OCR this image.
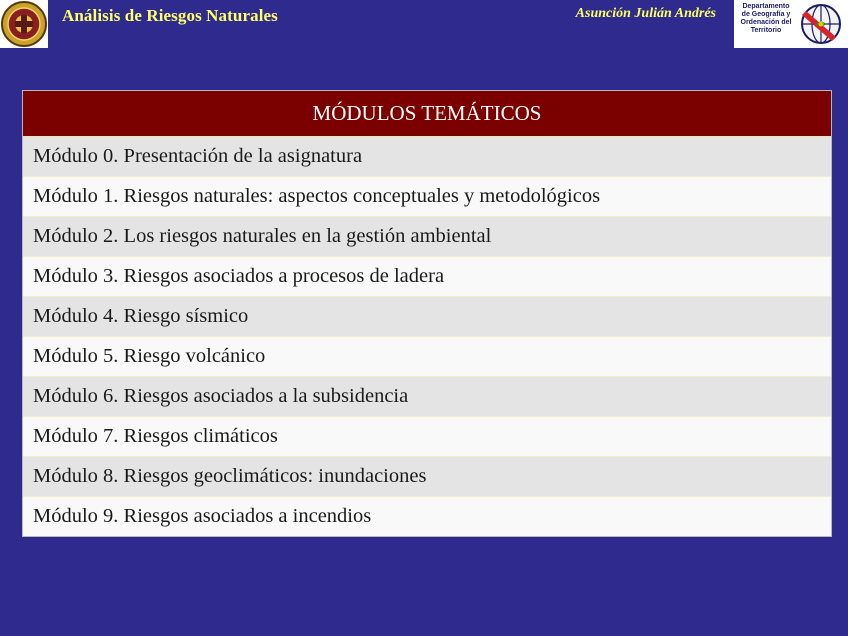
Análisis de Riesgos Naturales	Asunción Julián Andrés	Departamento
de Geografía y
Ordenación del
Territorio
MÓDULOS TEMÁTICOS
Módulo 0. Presentación de la asignatura
Módulo 1. Riesgos naturales: aspectos conceptuales y metodológicos
Módulo 2. Los riesgos naturales en la gestión ambiental
Módulo 3. Riesgos asociados a procesos de ladera
Módulo 4. Riesgo sísmico
Módulo 5. Riesgo volcánico
Módulo 6. Riesgos asociados a la subsidencia
Módulo 7. Riesgos climáticos
Módulo 8. Riesgos geoclimáticos: inundaciones
Módulo 9. Riesgos asociados a incendios
